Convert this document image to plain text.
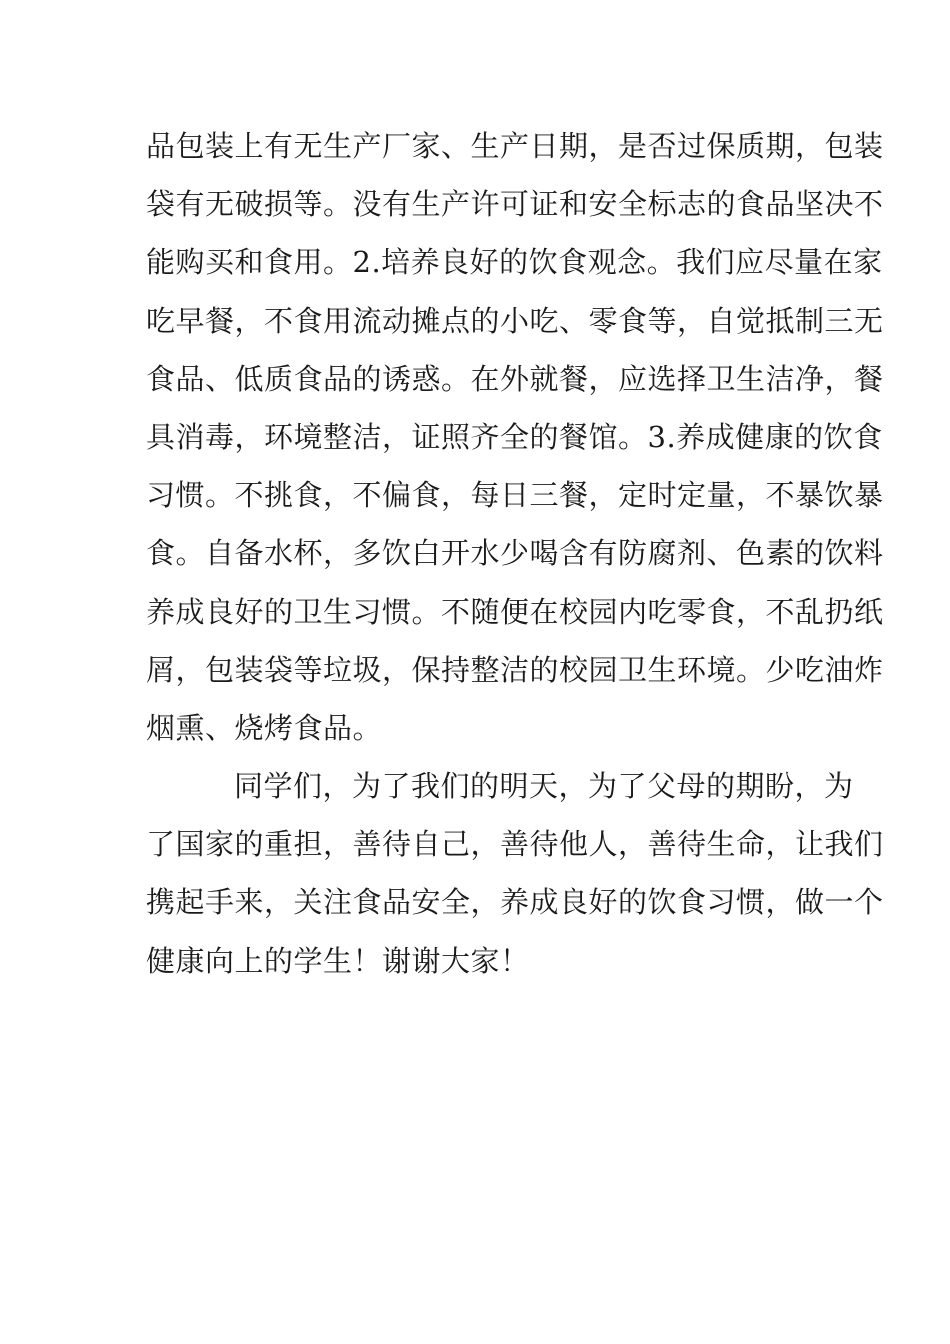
品包装上有无生产厂家、生产日期，是否过保质期，包装
袋有无破损等。没有生产许可证和安全标志的食品坚决不
能购买和食用。2.培养良好的饮食观念。我们应尽量在家
吃早餐，不食用流动摊点的小吃、零食等，自觉抵制三无
食品、低质食品的诱惑。在外就餐，应选择卫生洁净，餐
具消毒，环境整洁，证照齐全的餐馆。3.养成健康的饮食
习惯。不挑食，不偏食，每日三餐，定时定量，不暴饮暴
食。自备水杯，多饮白开水少喝含有防腐剂、色素的饮料
养成良好的卫生习惯。不随便在校园内吃零食，不乱扔纸
屑，包装袋等垃圾，保持整洁的校园卫生环境。少吃油炸
烟熏、烧烤食品。
同学们，为了我们的明天，为了父母的期盼，为
了国家的重担，善待自己，善待他人，善待生命，让我们
携起手来，关注食品安全，养成良好的饮食习惯，做一个
健康向上的学生！谢谢大家！
